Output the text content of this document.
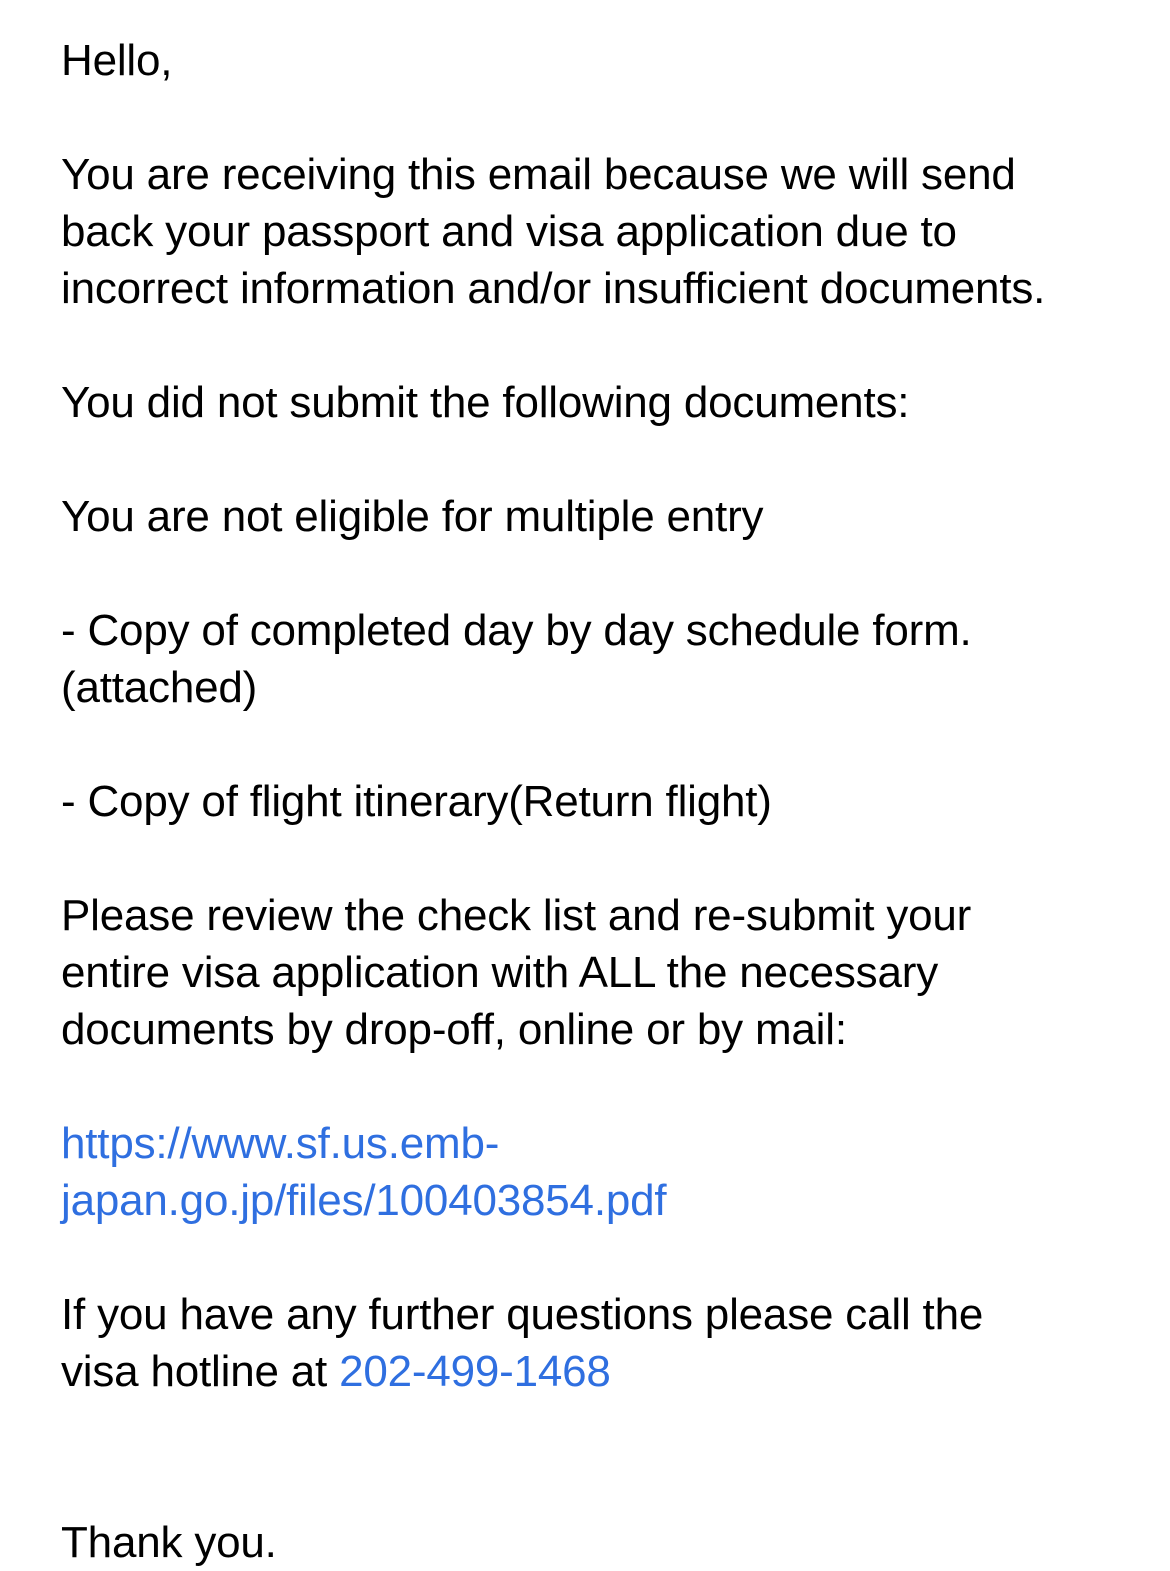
Hello,
You are receiving this email because we will send
back your passport and visa application due to
incorrect information and/or insufficient documents.
You did not submit the following documents:
You are not eligible for multiple entry
- Copy of completed day by day schedule form.
(attached)
- Copy of flight itinerary(Return flight)
Please review the check list and re-submit your
entire visa application with ALL the necessary
documents by drop-off, online or by mail:
https://www.sf.us.emb-
japan.go.jp/files/100403854.pdf
If you have any further questions please call the
visa hotline at 202-499-1468
Thank you.
